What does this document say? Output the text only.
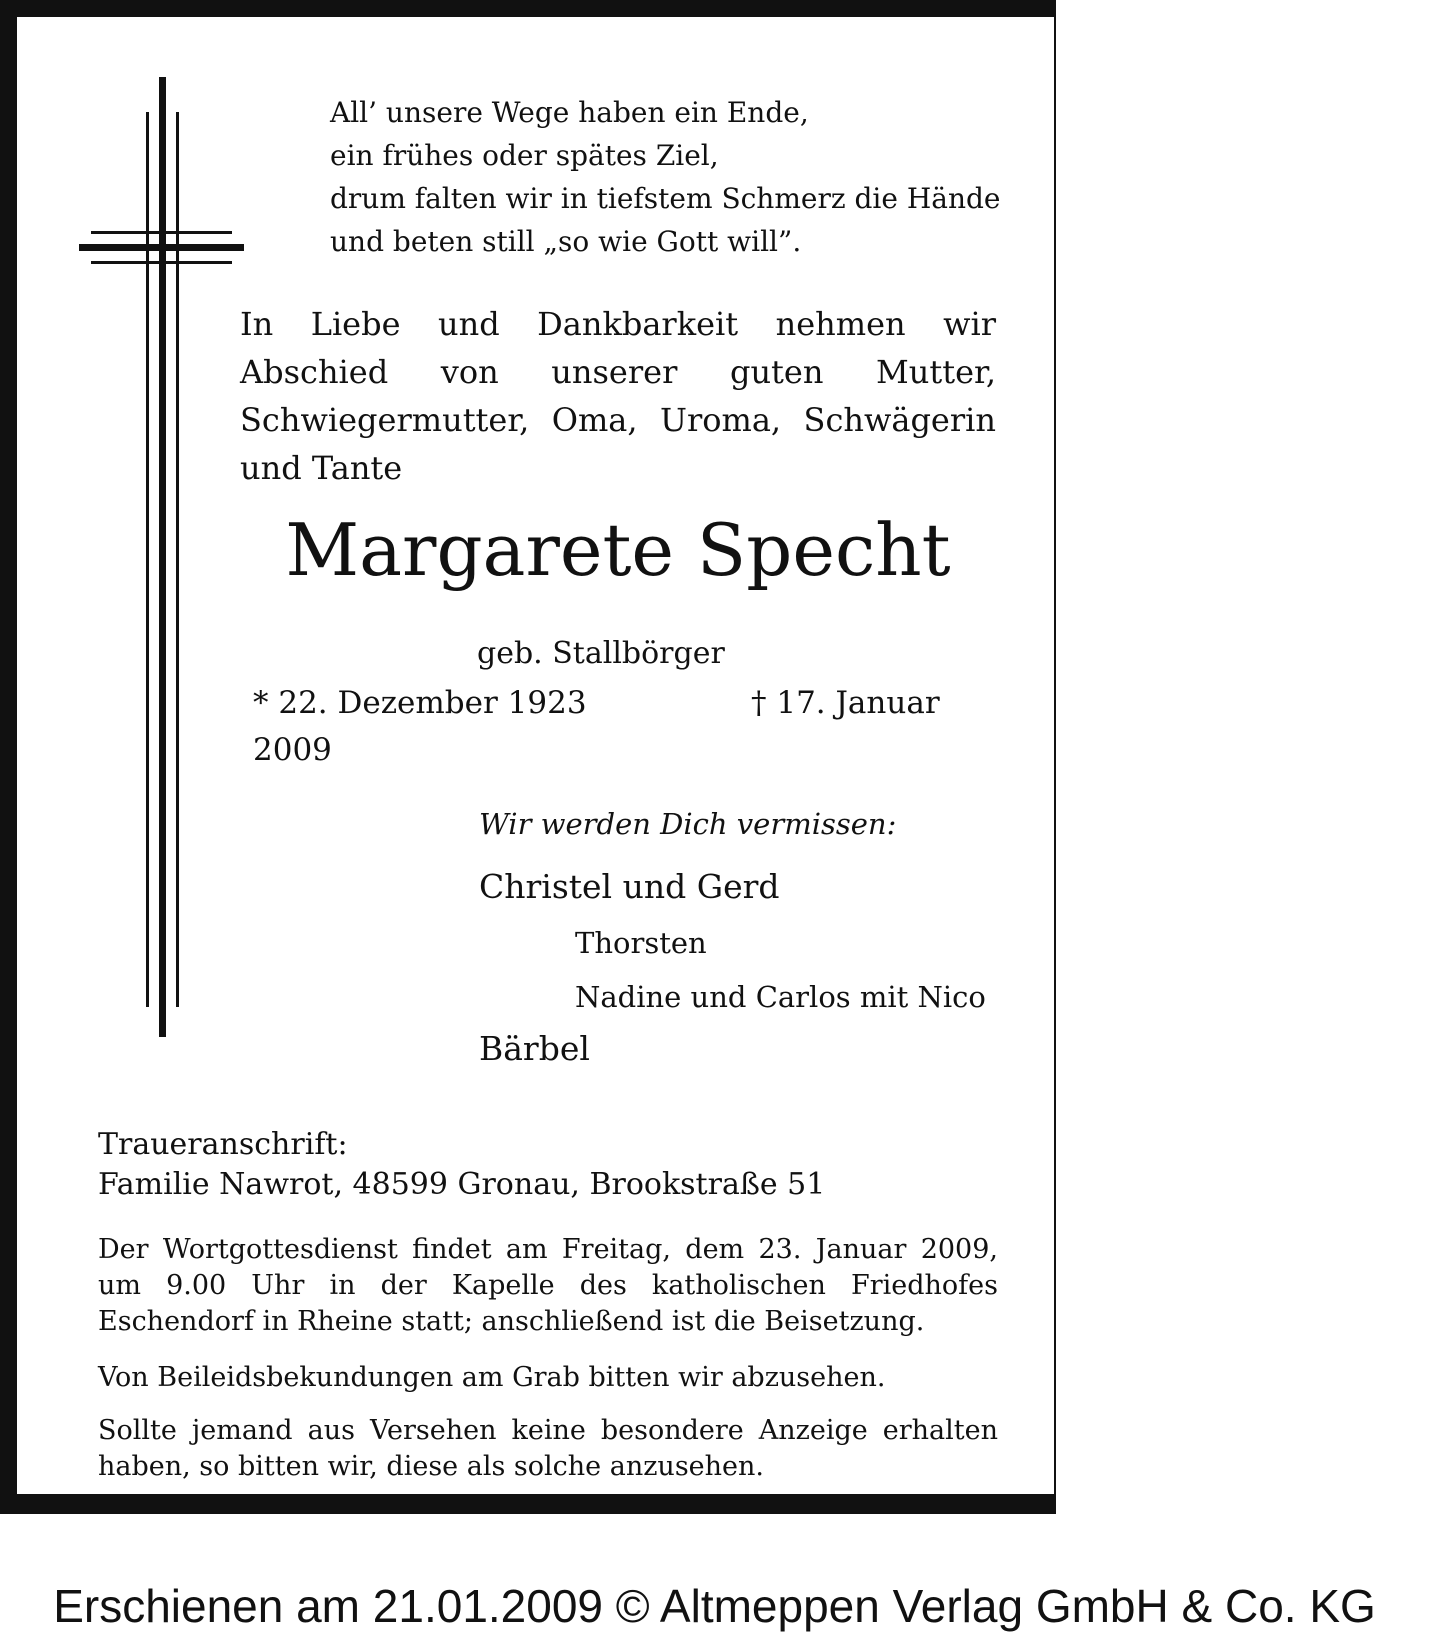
All’ unsere Wege haben ein Ende,
ein frühes oder spätes Ziel,
drum falten wir in tiefstem Schmerz die Hände
und beten still „so wie Gott will”.

In Liebe und Dankbarkeit nehmen wir Abschied von unserer guten Mutter, Schwiegermutter, Oma, Uroma, Schwägerin und Tante

Margarete Specht
geb. Stallbörger
* 22. Dezember 1923	† 17. Januar
2009
Wir werden Dich vermissen:
Christel und Gerd
Thorsten
Nadine und Carlos mit Nico
Bärbel
Traueranschrift:
Familie Nawrot, 48599 Gronau, Brookstraße 51

Der Wortgottesdienst findet am Freitag, dem 23. Januar 2009, um 9.00 Uhr in der Kapelle des katholischen Friedhofes Eschendorf in Rheine statt; anschließend ist die Beisetzung.

Von Beileidsbekundungen am Grab bitten wir abzusehen.

Sollte jemand aus Versehen keine besondere Anzeige erhalten haben, so bitten wir, diese als solche anzusehen.

Erschienen am 21.01.2009 © Altmeppen Verlag GmbH & Co. KG
